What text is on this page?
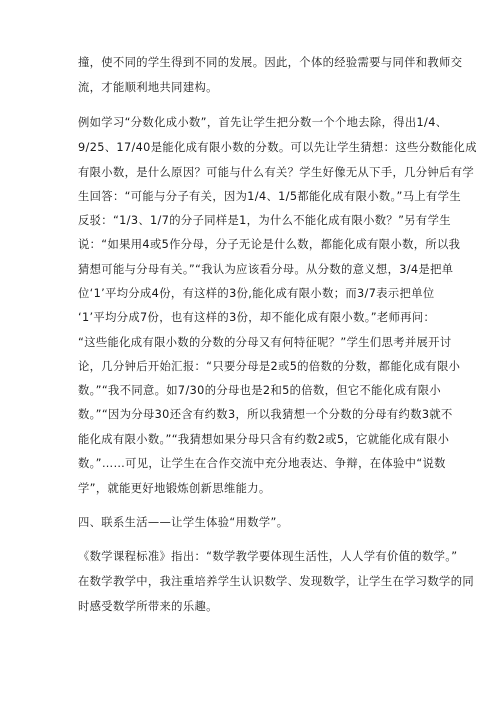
撞，使不同的学生得到不同的发展。因此，个体的经验需要与同伴和教师交
流，才能顺利地共同建构。
例如学习“分数化成小数”，首先让学生把分数一个个地去除，得出1/4、
9/25、17/40是能化成有限小数的分数。可以先让学生猜想：这些分数能化成
有限小数，是什么原因？可能与什么有关？学生好像无从下手，几分钟后有学
生回答：“可能与分子有关，因为1/4、1/5都能化成有限小数。”马上有学生
反驳：“1/3、1/7的分子同样是1，为什么不能化成有限小数？”另有学生
说：“如果用4或5作分母，分子无论是什么数，都能化成有限小数，所以我
猜想可能与分母有关。”“我认为应该看分母。从分数的意义想，3/4是把单
位‘1’平均分成4份，有这样的3份,能化成有限小数；而3/7表示把单位
‘1’平均分成7份，也有这样的3份，却不能化成有限小数。”老师再问：
“这些能化成有限小数的分数的分母又有何特征呢？”学生们思考并展开讨
论，几分钟后开始汇报：“只要分母是2或5的倍数的分数，都能化成有限小
数。”“我不同意。如7/30的分母也是2和5的倍数，但它不能化成有限小
数。”“因为分母30还含有约数3，所以我猜想一个分数的分母有约数3就不
能化成有限小数。”“我猜想如果分母只含有约数2或5，它就能化成有限小
数。”……可见，让学生在合作交流中充分地表达、争辩，在体验中“说数
学”，就能更好地锻炼创新思维能力。
四、联系生活——让学生体验“用数学”。
《数学课程标准》指出：“数学教学要体现生活性，人人学有价值的数学。”
在数学教学中，我注重培养学生认识数学、发现数学，让学生在学习数学的同
时感受数学所带来的乐趣。
